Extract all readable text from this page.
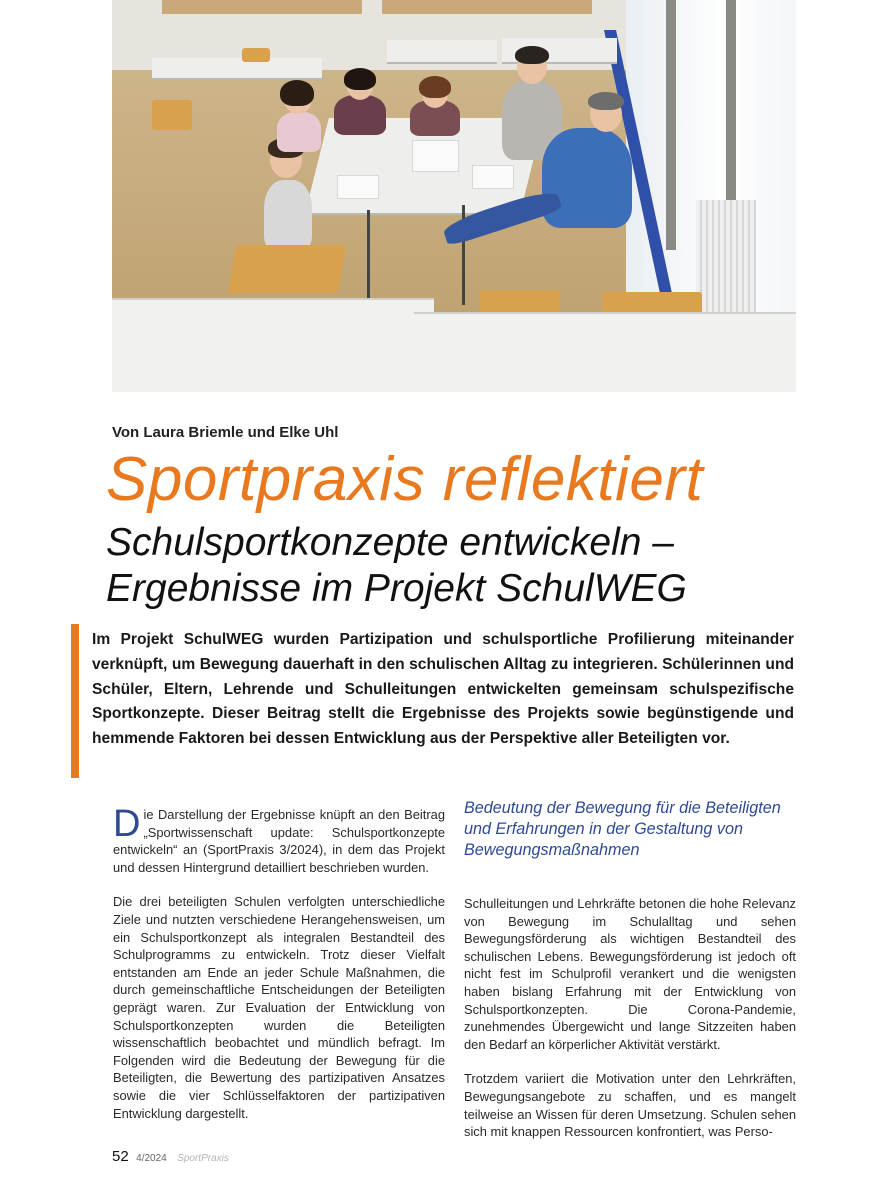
Von Laura Briemle und Elke Uhl
Sportpraxis reflektiert
Schulsportkonzepte entwickeln –
Ergebnisse im Projekt SchulWEG

Im Projekt SchulWEG wurden Partizipation und schulsportliche Profilierung miteinander verknüpft, um Bewegung dauerhaft in den schulischen Alltag zu integrieren. Schülerinnen und Schüler, Eltern, Lehrende und Schulleitungen entwickelten gemeinsam schulspezifische Sportkonzepte. Dieser Beitrag stellt die Ergebnisse des Projekts sowie begünstigende und hemmende Faktoren bei dessen Entwicklung aus der Perspektive aller Beteiligten vor.

Die Darstellung der Ergebnisse knüpft an den Beitrag „Sportwissenschaft update: Schulsportkonzepte entwickeln“ an (SportPraxis 3/2024), in dem das Projekt und dessen Hintergrund detailliert beschrieben wurden.

Die drei beteiligten Schulen verfolgten unterschiedliche Ziele und nutzten verschiedene Herangehensweisen, um ein Schulsportkonzept als integralen Bestandteil des Schulprogramms zu entwickeln. Trotz dieser Vielfalt entstanden am Ende an jeder Schule Maßnahmen, die durch gemeinschaftliche Entscheidungen der Beteiligten geprägt waren. Zur Evaluation der Entwicklung von Schulsportkonzepten wurden die Beteiligten wissenschaftlich beobachtet und mündlich befragt. Im Folgenden wird die Bedeutung der Bewegung für die Beteiligten, die Bewertung des partizipativen Ansatzes sowie die vier Schlüsselfaktoren der partizipativen Entwicklung dargestellt.

Bedeutung der Bewegung für die Beteiligten und Erfahrungen in der Gestaltung von Bewegungsmaßnahmen

Schulleitungen und Lehrkräfte betonen die hohe Relevanz von Bewegung im Schulalltag und sehen Bewegungsförderung als wichtigen Bestandteil des schulischen Lebens. Bewegungsförderung ist jedoch oft nicht fest im Schulprofil verankert und die wenigsten haben bislang Erfahrung mit der Entwicklung von Schulsportkonzepten. Die Corona-Pandemie, zunehmendes Übergewicht und lange Sitzzeiten haben den Bedarf an körperlicher Aktivität verstärkt.

Trotzdem variiert die Motivation unter den Lehrkräften, Bewegungsangebote zu schaffen, und es mangelt teilweise an Wissen für deren Umsetzung. Schulen sehen sich mit knappen Ressourcen konfrontiert, was Perso-

52 4/2024 SportPraxis
